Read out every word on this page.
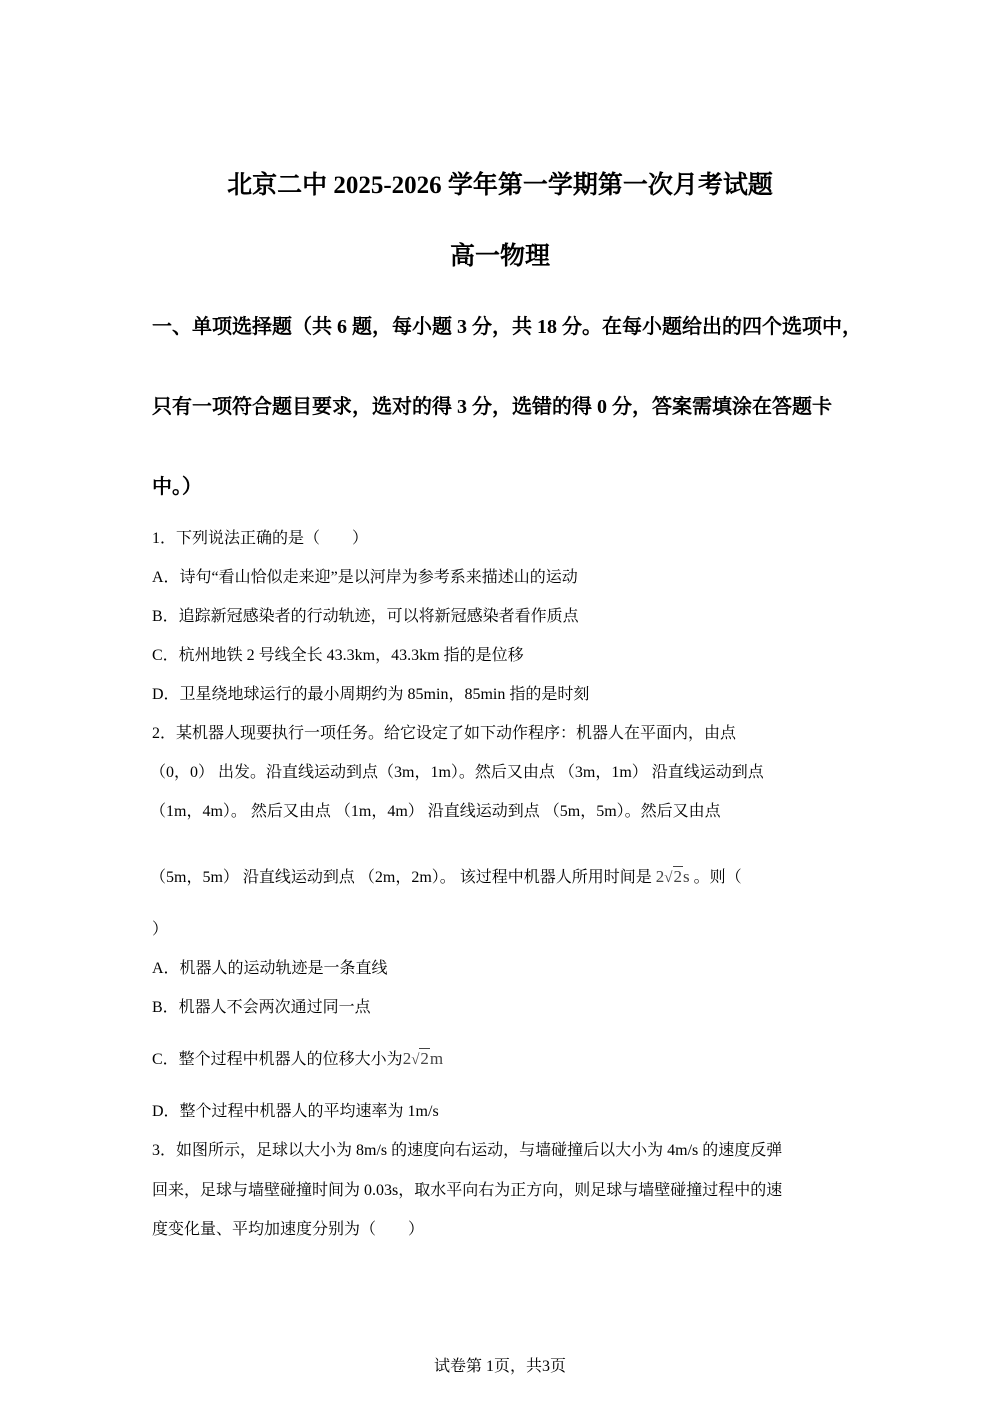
北京二中 2025-2026 学年第一学期第一次月考试题
高一物理
一、单项选择题（共 6 题，每小题 3 分，共 18 分。在每小题给出的四个选项中，
只有一项符合题目要求，选对的得 3 分，选错的得 0 分，答案需填涂在答题卡
中。）
1．下列说法正确的是（　　）
A．诗句“看山恰似走来迎”是以河岸为参考系来描述山的运动
B．追踪新冠感染者的行动轨迹，可以将新冠感染者看作质点
C．杭州地铁 2 号线全长 43.3km，43.3km 指的是位移
D．卫星绕地球运行的最小周期约为 85min，85min 指的是时刻
2．某机器人现要执行一项任务。给它设定了如下动作程序：机器人在平面内，由点
（0，0） 出发。沿直线运动到点（3m，1m）。然后又由点 （3m，1m） 沿直线运动到点
（1m，4m）。 然后又由点 （1m，4m） 沿直线运动到点 （5m，5m）。然后又由点
（5m，5m） 沿直线运动到点 （2m，2m）。 该过程中机器人所用时间是 2√2s 。则（
）
A．机器人的运动轨迹是一条直线
B．机器人不会两次通过同一点
C．整个过程中机器人的位移大小为2√2m
D．整个过程中机器人的平均速率为 1m/s
3．如图所示，足球以大小为 8m/s 的速度向右运动，与墙碰撞后以大小为 4m/s 的速度反弹
回来，足球与墙壁碰撞时间为 0.03s，取水平向右为正方向，则足球与墙壁碰撞过程中的速
度变化量、平均加速度分别为（　　）
试卷第 1页，共3页
